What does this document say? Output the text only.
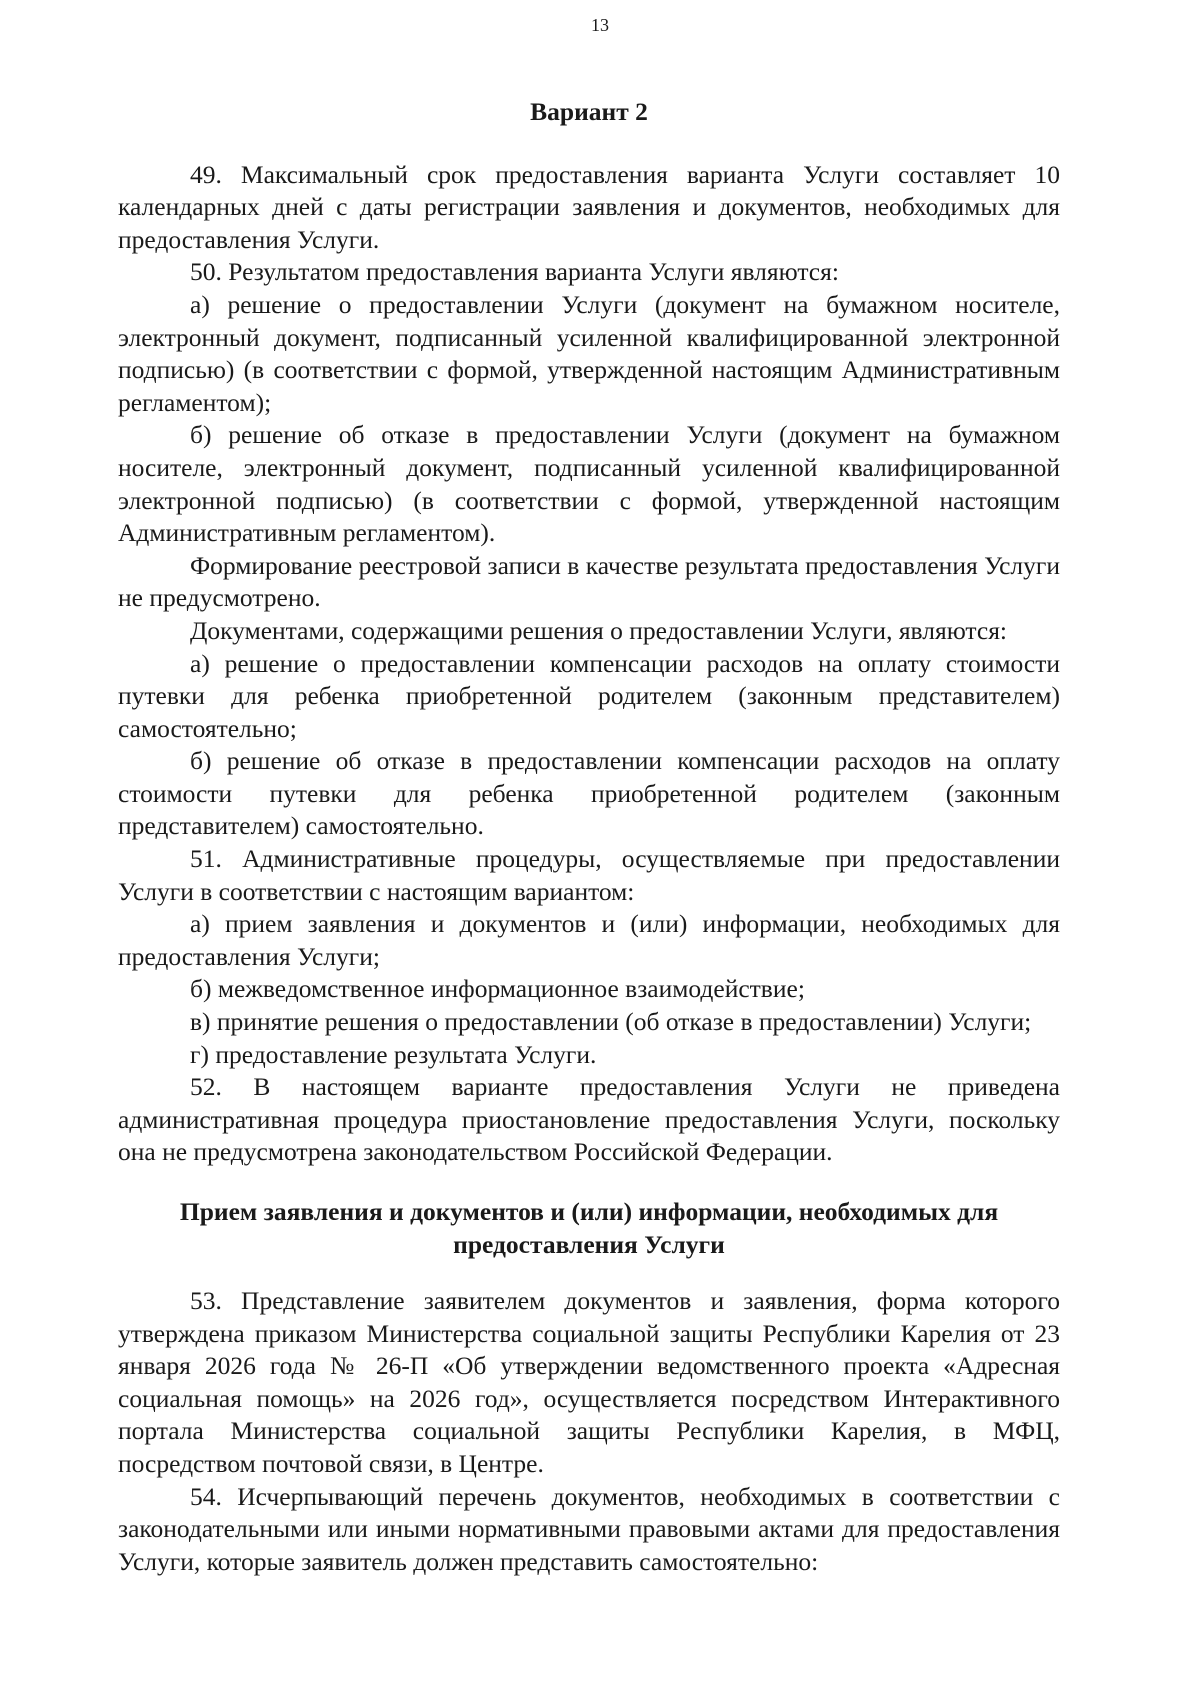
13
Вариант 2

49. Максимальный срок предоставления варианта Услуги составляет 10 календарных дней с даты регистрации заявления и документов, необходимых для предоставления Услуги.

50. Результатом предоставления варианта Услуги являются:

а) решение о предоставлении Услуги (документ на бумажном носителе, электронный документ, подписанный усиленной квалифицированной электронной подписью) (в соответствии с формой, утвержденной настоящим Административным регламентом);

б) решение об отказе в предоставлении Услуги (документ на бумажном носителе, электронный документ, подписанный усиленной квалифицированной электронной подписью) (в соответствии с формой, утвержденной настоящим Административным регламентом).

Формирование реестровой записи в качестве результата предоставления Услуги не предусмотрено.

Документами, содержащими решения о предоставлении Услуги, являются:

а) решение о предоставлении компенсации расходов на оплату стоимости путевки для ребенка приобретенной родителем (законным представителем) самостоятельно;

б) решение об отказе в предоставлении компенсации расходов на оплату стоимости путевки для ребенка приобретенной родителем (законным представителем) самостоятельно.

51. Административные процедуры, осуществляемые при предоставлении Услуги в соответствии с настоящим вариантом:

а) прием заявления и документов и (или) информации, необходимых для предоставления Услуги;

б) межведомственное информационное взаимодействие;

в) принятие решения о предоставлении (об отказе в предоставлении) Услуги;

г) предоставление результата Услуги.

52. В настоящем варианте предоставления Услуги не приведена административная процедура приостановление предоставления Услуги, поскольку она не предусмотрена законодательством Российской Федерации.

Прием заявления и документов и (или) информации, необходимых для
предоставления Услуги

53. Представление заявителем документов и заявления, форма которого утверждена приказом Министерства социальной защиты Республики Карелия от 23 января 2026 года № 26-П «Об утверждении ведомственного проекта «Адресная социальная помощь» на 2026 год», осуществляется посредством Интерактивного портала Министерства социальной защиты Республики Карелия, в МФЦ, посредством почтовой связи, в Центре.

54. Исчерпывающий перечень документов, необходимых в соответствии с законодательными или иными нормативными правовыми актами для предоставления Услуги, которые заявитель должен представить самостоятельно:
